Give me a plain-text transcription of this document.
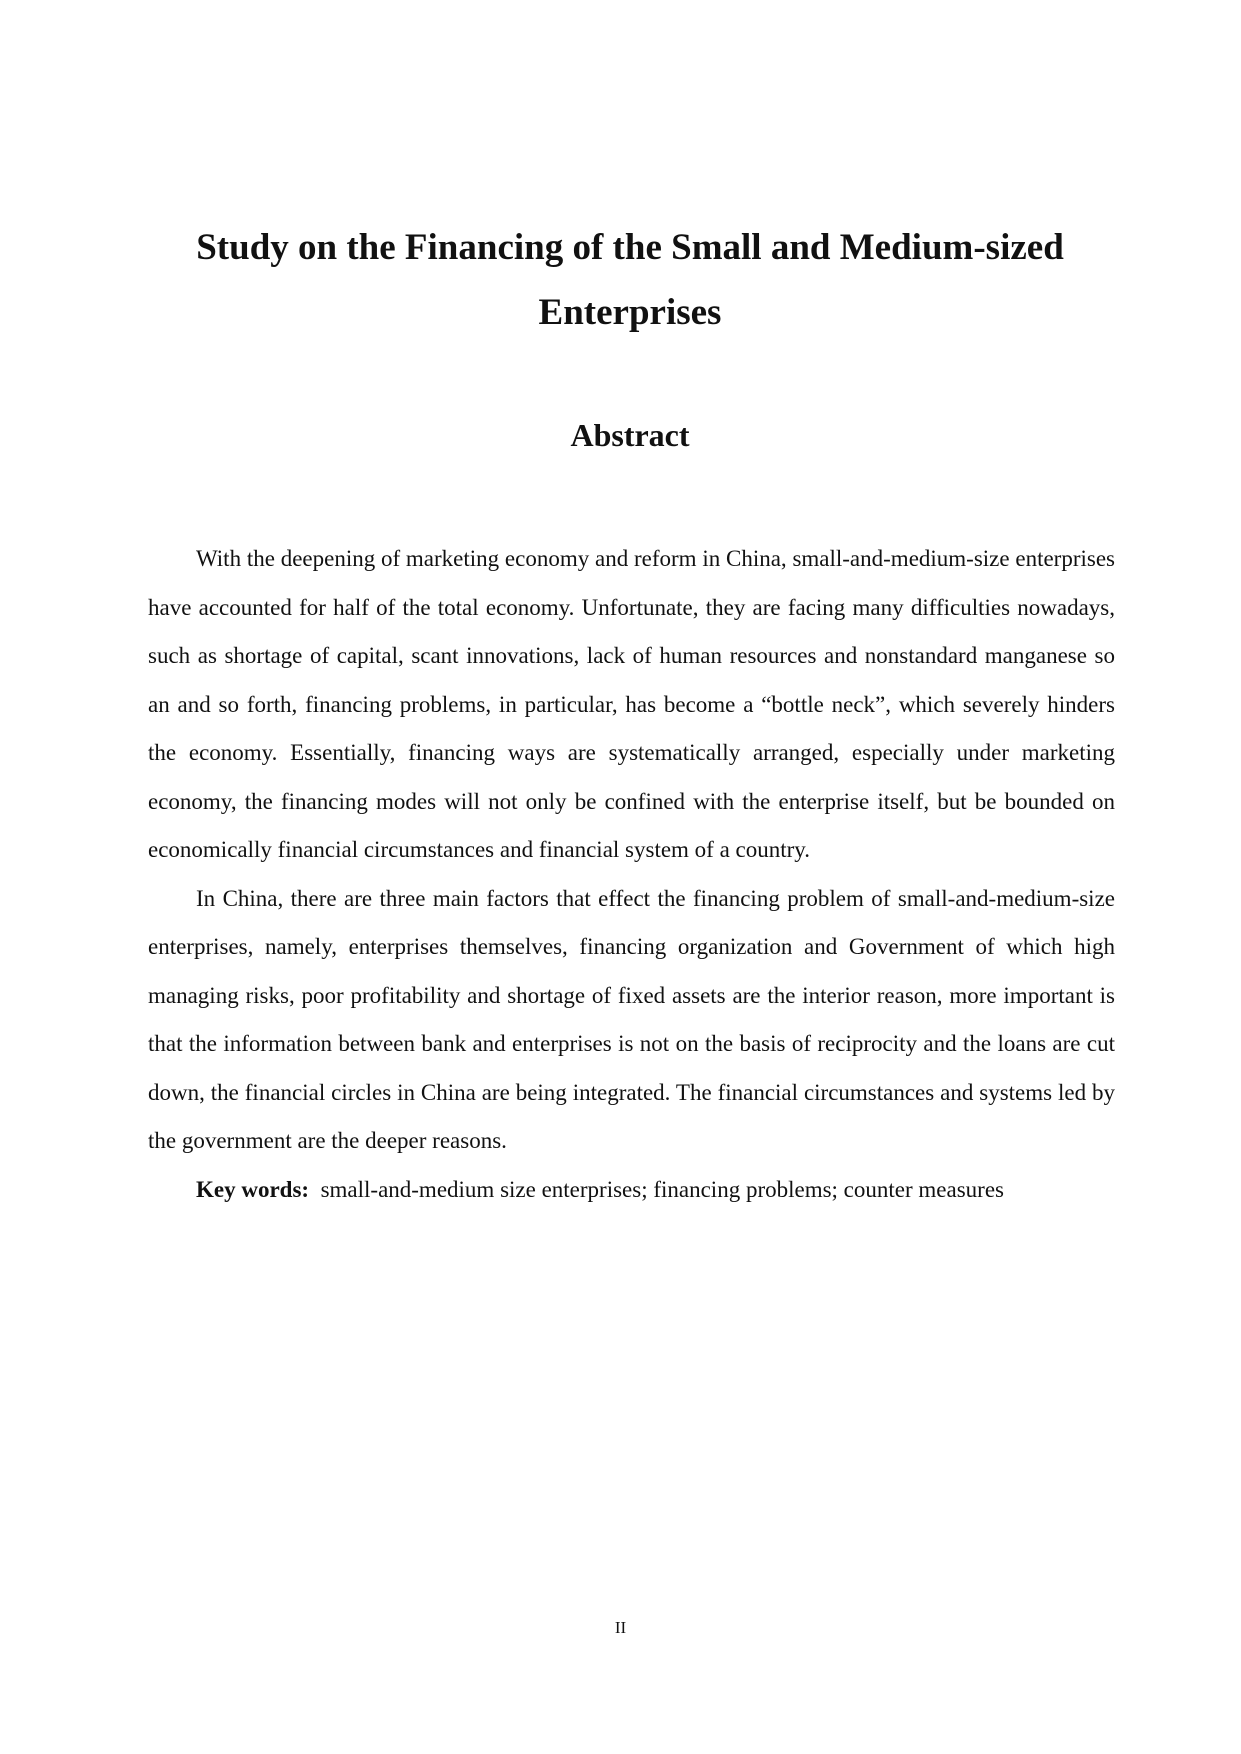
Study on the Financing of the Small and Medium-sized
Enterprises
Abstract

With the deepening of marketing economy and reform in China, small-and-medium-size enterprises have accounted for half of the total economy. Unfortunate, they are facing many difficulties nowadays, such as shortage of capital, scant innovations, lack of human resources and nonstandard manganese so an and so forth, financing problems, in particular, has become a “bottle neck”, which severely hinders the economy. Essentially, financing ways are systematically arranged, especially under marketing economy, the financing modes will not only be confined with the enterprise itself, but be bounded on economically financial circumstances and financial system of a country.

In China, there are three main factors that effect the financing problem of small-and-medium-size enterprises, namely, enterprises themselves, financing organization and Government of which high managing risks, poor profitability and shortage of fixed assets are the interior reason, more important is that the information between bank and enterprises is not on the basis of reciprocity and the loans are cut down, the financial circles in China are being integrated. The financial circumstances and systems led by the government are the deeper reasons.

Key words: small-and-medium size enterprises; financing problems; counter measures

II
